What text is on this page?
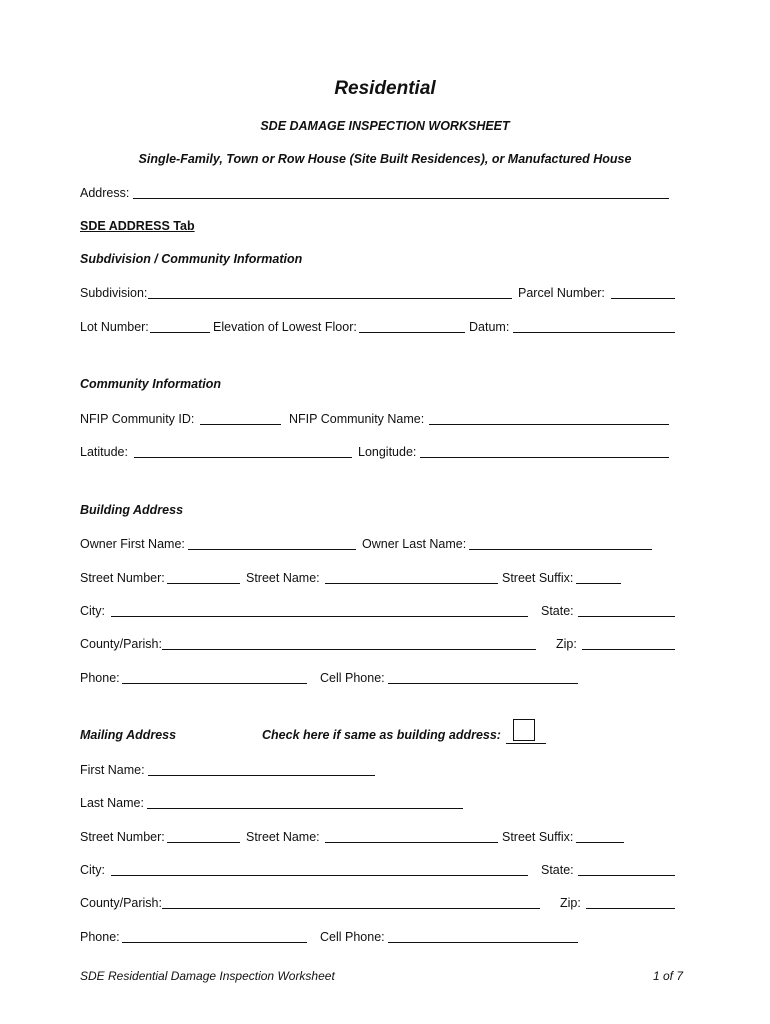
Residential
SDE DAMAGE INSPECTION WORKSHEET
Single-Family, Town or Row House (Site Built Residences), or Manufactured House
Address:
SDE ADDRESS Tab
Subdivision / Community Information
Subdivision:	Parcel Number:
Lot Number:	Elevation of Lowest Floor:	Datum:
Community Information
NFIP Community ID:	NFIP Community Name:
Latitude:	Longitude:
Building Address
Owner First Name:	Owner Last Name:
Street Number:	Street Name:	Street Suffix:
City:	State:
County/Parish:	Zip:
Phone:	Cell Phone:
Mailing Address	Check here if same as building address:
First Name:
Last Name:
Street Number:	Street Name:	Street Suffix:
City:	State:
County/Parish:	Zip:
Phone:	Cell Phone:
SDE Residential Damage Inspection Worksheet	1 of 7
